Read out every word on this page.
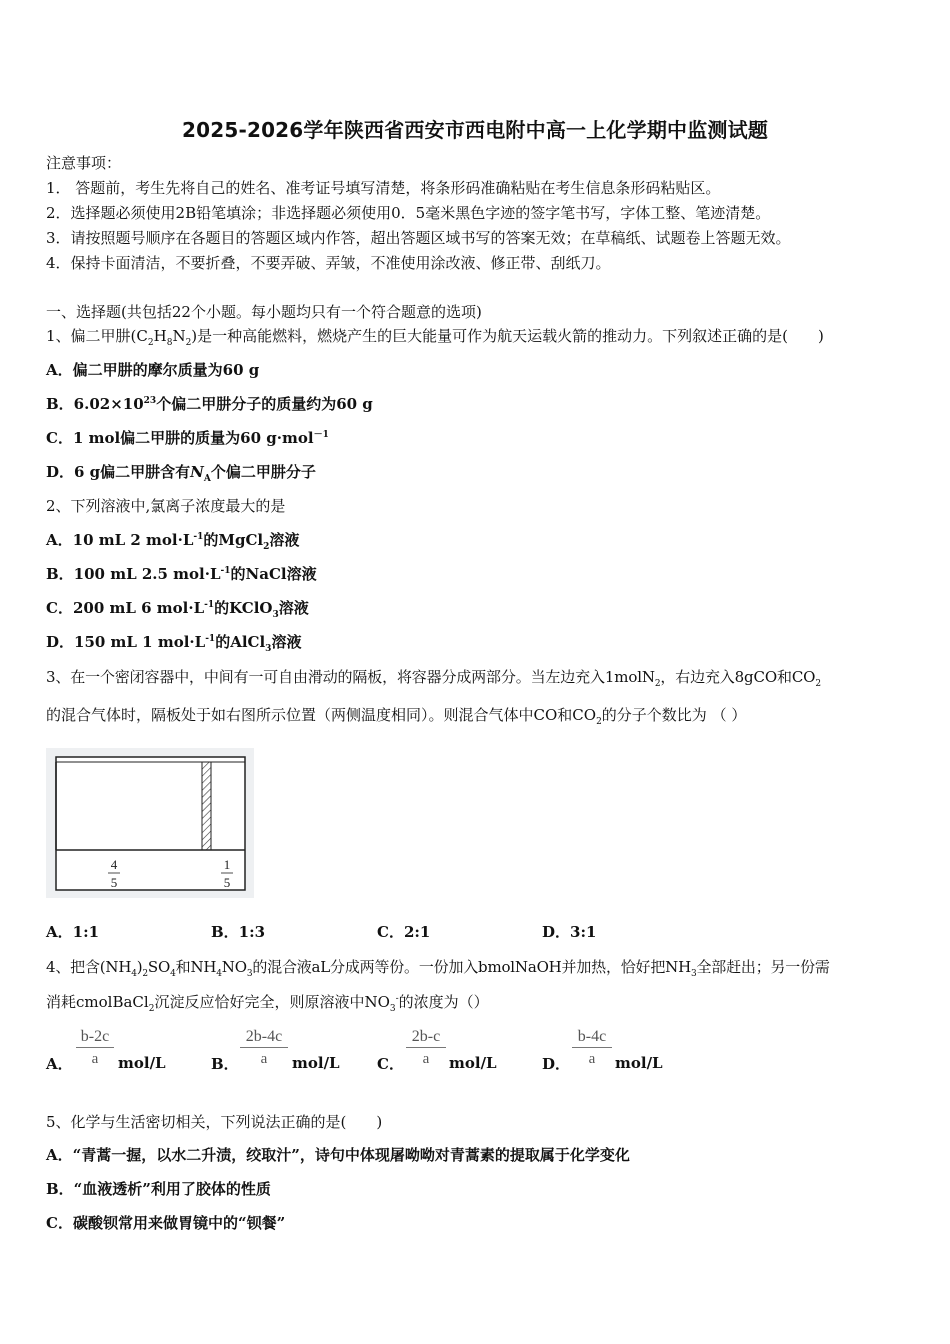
2025-2026学年陕西省西安市西电附中高一上化学期中监测试题
注意事项：
1． 答题前，考生先将自己的姓名、准考证号填写清楚，将条形码准确粘贴在考生信息条形码粘贴区。
2．选择题必须使用2B铅笔填涂；非选择题必须使用0．5毫米黑色字迹的签字笔书写，字体工整、笔迹清楚。
3．请按照题号顺序在各题目的答题区域内作答，超出答题区域书写的答案无效；在草稿纸、试题卷上答题无效。
4．保持卡面清洁，不要折叠，不要弄破、弄皱，不准使用涂改液、修正带、刮纸刀。
一、选择题(共包括22个小题。每小题均只有一个符合题意的选项)
1、偏二甲肼$(C_2H_8N_2)$是一种高能燃料，燃烧产生的巨大能量可作为航天运载火箭的推动力。下列叙述正确的是(　　)
A．偏二甲肼的摩尔质量为60 g
B．$6.02\times 10^{23}$个偏二甲肼分子的质量约为60 g
C．1 mol偏二甲肼的质量为60 g·mol$^{-1}$
D．6 g偏二甲肼含有$N_A$个偏二甲肼分子
2、下列溶液中,氯离子浓度最大的是
A．10 mL 2 $mol\cdot L^{-1}$的MgCl$_2$溶液
B．100 mL 2.5 $mol\cdot L^{-1}$的NaCl溶液
C．200 mL 6 $mol\cdot L^{-1}$的KClO$_3$溶液
D．150 mL 1 $mol\cdot L^{-1}$的AlCl$_3$溶液
3、在一个密闭容器中，中间有一可自由滑动的隔板，将容器分成两部分。当左边充入1molN$_2$，右边充入8gCO和$CO_2$
的混合气体时，隔板处于如右图所示位置（两侧温度相同）。则混合气体中CO和$CO_2$的分子个数比为 （ ）
4
5
1
5
A．1:1	B．1:3	C．2:1	D．3:1
4、把含$(NH_4)_2SO_4$和$NH_4NO_3$的混合液aL分成两等份。一份加入bmolNaOH并加热，恰好把$NH_3$全部赶出；另一份需
消耗cmolBaCl$_2$沉淀反应恰好完全，则原溶液中$NO_3^-$的浓度为（）
A． $\frac{b-2c}{a} mol/L$	B． $\frac{2b-4c}{a} mol/L$ C． $\frac{2b-c}{a} mol/L$	D． $\frac{b-4c}{a} mol/L$
5、化学与生活密切相关，下列说法正确的是(　　)
A．“青蒿一握，以水二升渍，绞取汁”，诗句中体现屠呦呦对青蒿素的提取属于化学变化
B．“血液透析”利用了胶体的性质
C．碳酸钡常用来做胃镜中的“钡餐”
